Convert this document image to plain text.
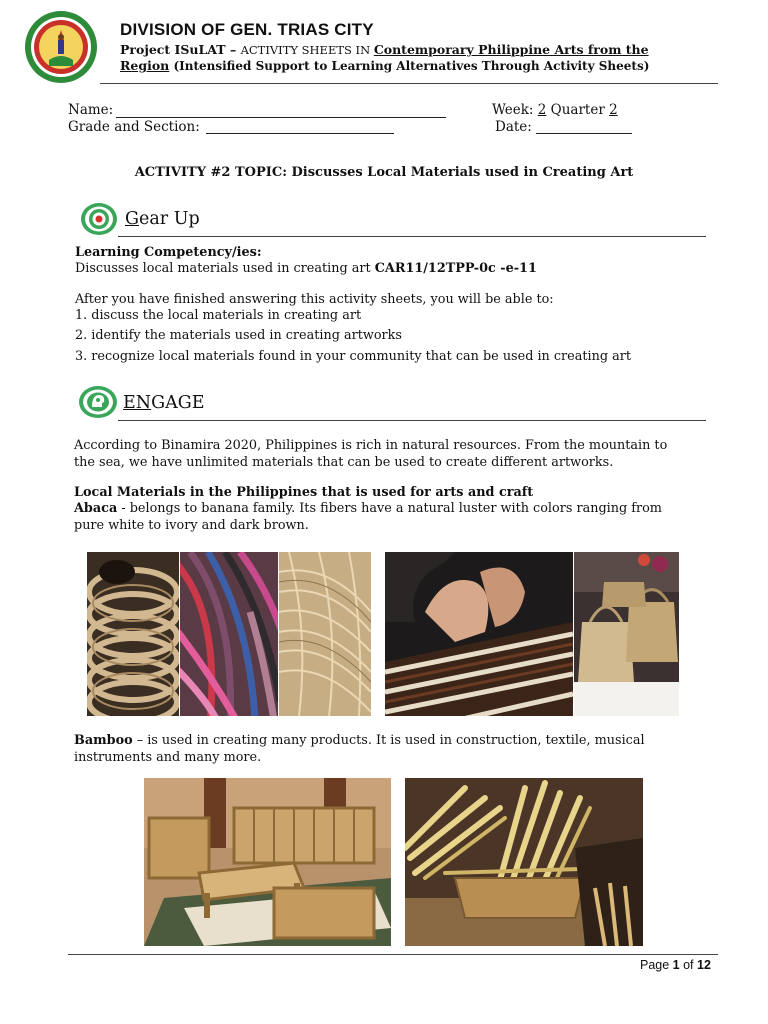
DIVISION OF GEN. TRIAS CITY
Project ISuLAT – ACTIVITY SHEETS IN Contemporary Philippine Arts from the
Region (Intensified Support to Learning Alternatives Through Activity Sheets)
Name:
Grade and Section:
Week: 2 Quarter 2
Date:
ACTIVITY #2 TOPIC: Discusses Local Materials used in Creating Art
Gear Up
Learning Competency/ies:
Discusses local materials used in creating art CAR11/12TPP-0c -e-11
After you have finished answering this activity sheets, you will be able to:
1. discuss the local materials in creating art
2. identify the materials used in creating artworks
3. recognize local materials found in your community that can be used in creating art
ENGAGE
According to Binamira 2020, Philippines is rich in natural resources. From the mountain to
the sea, we have unlimited materials that can be used to create different artworks.
Local Materials in the Philippines that is used for arts and craft
Abaca - belongs to banana family. Its fibers have a natural luster with colors ranging from
pure white to ivory and dark brown.
Bamboo – is used in creating many products. It is used in construction, textile, musical
instruments and many more.
Page 1 of 12
